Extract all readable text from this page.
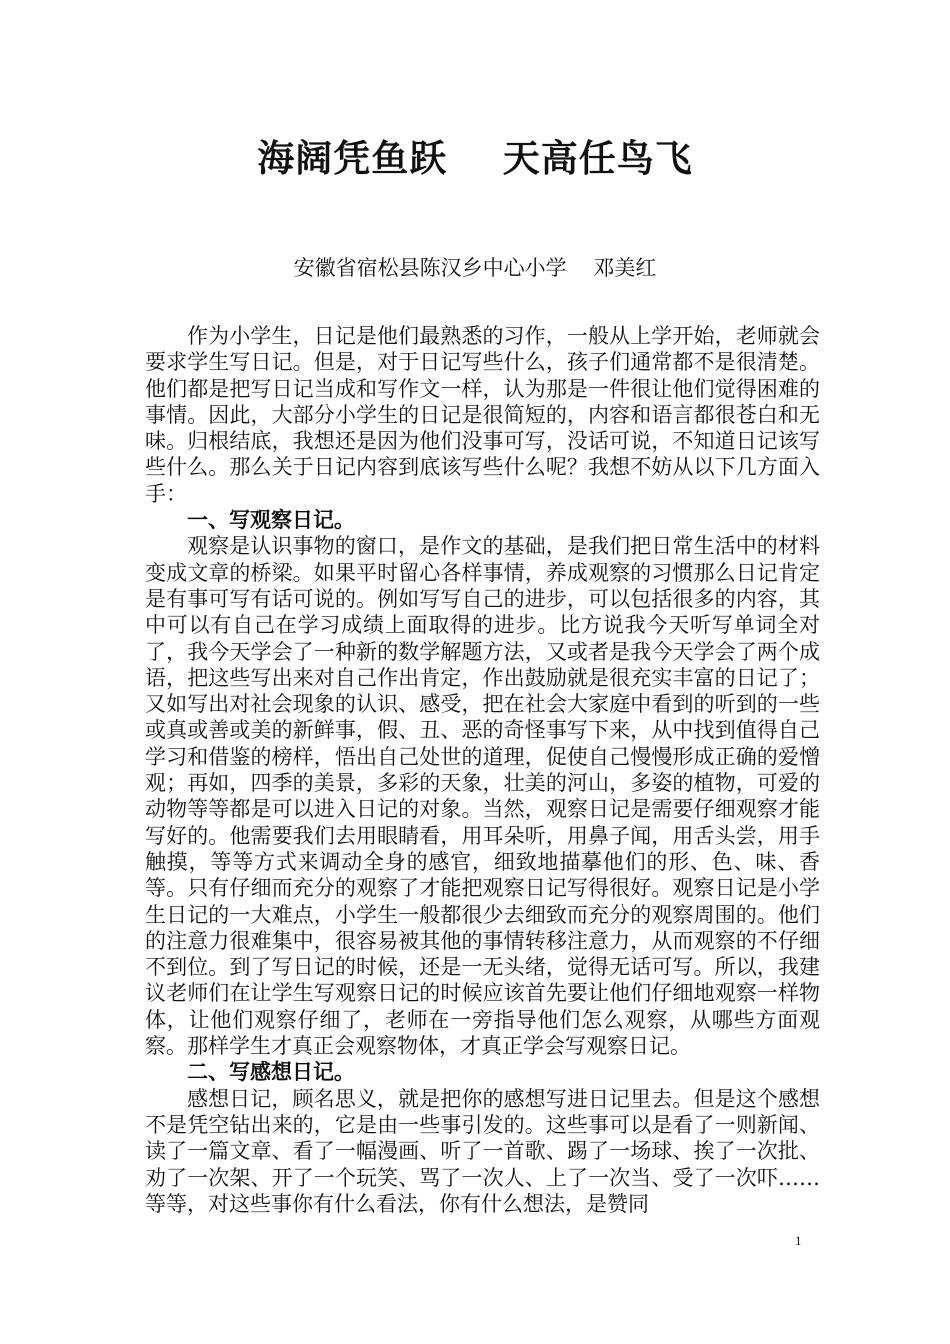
海阔凭鱼跃    天高任鸟飞
安徽省宿松县陈汉乡中心小学    邓美红

作为小学生，日记是他们最熟悉的习作，一般从上学开始，老师就会要求学生写日记。但是，对于日记写些什么，孩子们通常都不是很清楚。他们都是把写日记当成和写作文一样，认为那是一件很让他们觉得困难的事情。因此，大部分小学生的日记是很简短的，内容和语言都很苍白和无味。归根结底，我想还是因为他们没事可写，没话可说，不知道日记该写些什么。那么关于日记内容到底该写些什么呢？我想不妨从以下几方面入手：

一、写观察日记。

观察是认识事物的窗口，是作文的基础，是我们把日常生活中的材料变成文章的桥梁。如果平时留心各样事情，养成观察的习惯那么日记肯定是有事可写有话可说的。例如写写自己的进步，可以包括很多的内容，其中可以有自己在学习成绩上面取得的进步。比方说我今天听写单词全对了，我今天学会了一种新的数学解题方法，又或者是我今天学会了两个成语，把这些写出来对自己作出肯定，作出鼓励就是很充实丰富的日记了；又如写出对社会现象的认识、感受，把在社会大家庭中看到的听到的一些或真或善或美的新鲜事，假、丑、恶的奇怪事写下来，从中找到值得自己学习和借鉴的榜样，悟出自己处世的道理，促使自己慢慢形成正确的爱憎观；再如，四季的美景，多彩的天象，壮美的河山，多姿的植物，可爱的动物等等都是可以进入日记的对象。当然，观察日记是需要仔细观察才能写好的。他需要我们去用眼睛看，用耳朵听，用鼻子闻，用舌头尝，用手触摸，等等方式来调动全身的感官，细致地描摹他们的形、色、味、香等。只有仔细而充分的观察了才能把观察日记写得很好。观察日记是小学生日记的一大难点，小学生一般都很少去细致而充分的观察周围的。他们的注意力很难集中，很容易被其他的事情转移注意力，从而观察的不仔细不到位。到了写日记的时候，还是一无头绪，觉得无话可写。所以，我建议老师们在让学生写观察日记的时候应该首先要让他们仔细地观察一样物体，让他们观察仔细了，老师在一旁指导他们怎么观察，从哪些方面观察。那样学生才真正会观察物体，才真正学会写观察日记。

二、写感想日记。

感想日记，顾名思义，就是把你的感想写进日记里去。但是这个感想不是凭空钻出来的，它是由一些事引发的。这些事可以是看了一则新闻、读了一篇文章、看了一幅漫画、听了一首歌、踢了一场球、挨了一次批、劝了一次架、开了一个玩笑、骂了一次人、上了一次当、受了一次吓……等等，对这些事你有什么看法，你有什么想法，是赞同

1
